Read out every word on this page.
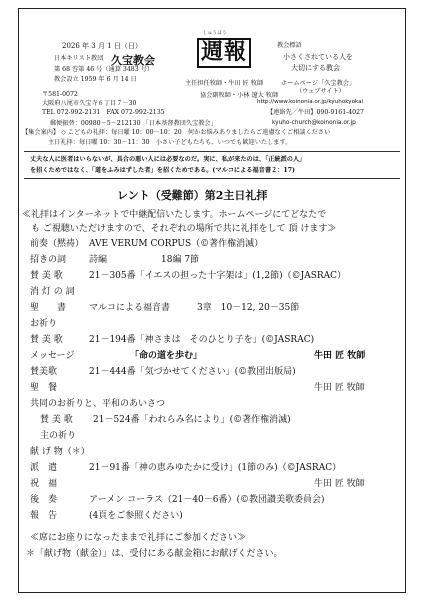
2026 年 3 月 1 日（日）
日本キリスト教団 久宝教会
第 68 巻第 46 号（通算 3483 号）
教会設立 1959 年 6 月 14 日
しゅうほう
週報
〒581-0072
大阪府八尾市久宝寺６丁目７－30
TEL 072-992-2131　FAX 072-992-2135
主任担任牧師・牛田 匠 牧師
協会副牧師・小林 遼大 牧師
郵便振替：00980－5－212130 「日本基督教団久宝教会」
教会標語
小さくされている人を
大切にする教会
ホームページ「久宝教会」
（ウェブサイト）
http://www.koinonia.or.jp/kyuhokyokai
【連絡先／牛田】090-9161-4027
kyuho-church@koinonia.or.jp
【集会案内】 ◇ こどもの礼拝：毎日曜 10：00－10：20　何かお悩みありましたらご遠慮なくご相談ください
主日礼拝：毎日曜 10：30－11：30　小さい子どもたちも、いつでも歓迎いたします。
丈夫な人に医者はいらないが、具合の悪い人には必要なのだ。実に、私が来たのは、「正統派の人」
を招くためではなく、「道をふみはずした者」を招くためである。(マルコによる福音書２：17)
レント（受難節）第2主日礼拝
≪礼拝はインターネットで中継配信いたします。ホームページにてどなたで
　も ご視聴いただけますので、それぞれの場所で共に礼拝をして 頂 けます≫
前奏（黙祷） AVE VERUM CORPUS（©著作権消滅）
招きの詞	詩編　　　　　　18編 7節
賛 美 歌	21－305番「イエスの担った十字架は」(1,2節)（©JASRAC）
消 灯 の 詞
聖　　書	マルコによる福音書　　　3章　10－12, 20－35節
お祈り
賛 美 歌	21－194番「神さまは　そのひとり子を」(©JASRAC)
メッセージ	「命の道を歩む」	牛田 匠 牧師
賛美歌	21－444番「気づかせてください」(©教団出版局)
聖　餐	牛田 匠 牧師
共同のお祈りと、平和のあいさつ
賛 美 歌 21－524番「われらみ名により」(©著作権消滅)
主の祈り
献 げ 物（＊）
派　遣	21－91番「神の恵みゆたかに受け」(1節のみ)（©JASRAC）
祝　福	牛田 匠 牧師
後　奏	アーメン コーラス（21－40－6番）(©教団讃美歌委員会)
報　告	(4頁をご参照ください)
≪席にお座りになったままで礼拝にご参加ください≫
＊「献げ物（献金）」は、受付にある献金箱にお献げください。
